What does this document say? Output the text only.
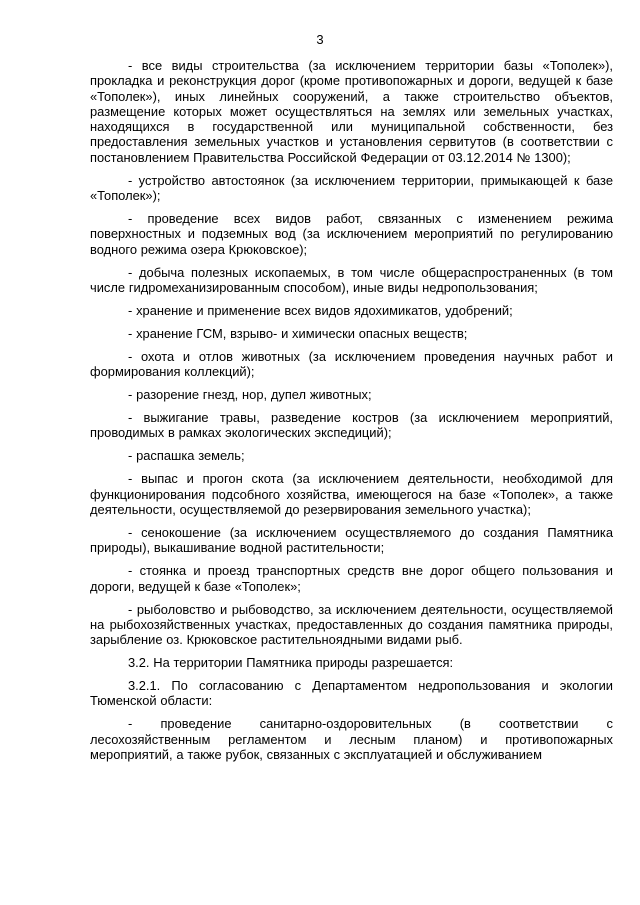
3

- все виды строительства (за исключением территории базы «Тополек»), прокладка и реконструкция дорог (кроме противопожарных и дороги, ведущей к базе «Тополек»), иных линейных сооружений, а также строительство объектов, размещение которых может осуществляться на землях или земельных участках, находящихся в государственной или муниципальной собственности, без предоставления земельных участков и установления сервитутов (в соответствии с постановлением Правительства Российской Федерации от 03.12.2014 № 1300);

- устройство автостоянок (за исключением территории, примыкающей к базе «Тополек»);

- проведение всех видов работ, связанных с изменением режима поверхностных и подземных вод (за исключением мероприятий по регулированию водного режима озера Крюковское);

- добыча полезных ископаемых, в том числе общераспространенных (в том числе гидромеханизированным способом), иные виды недропользования;

- хранение и применение всех видов ядохимикатов, удобрений;

- хранение ГСМ, взрыво- и химически опасных веществ;

- охота и отлов животных (за исключением проведения научных работ и формирования коллекций);

- разорение гнезд, нор, дупел животных;

- выжигание травы, разведение костров (за исключением мероприятий, проводимых в рамках экологических экспедиций);

- распашка земель;

- выпас и прогон скота (за исключением деятельности, необходимой для функционирования подсобного хозяйства, имеющегося на базе «Тополек», а также деятельности, осуществляемой до резервирования земельного участка);

- сенокошение (за исключением осуществляемого до создания Памятника природы), выкашивание водной растительности;

- стоянка и проезд транспортных средств вне дорог общего пользования и дороги, ведущей к базе «Тополек»;

- рыболовство и рыбоводство, за исключением деятельности, осуществляемой на рыбохозяйственных участках, предоставленных до создания памятника природы, зарыбление оз. Крюковское растительноядными видами рыб.

3.2. На территории Памятника природы разрешается:

3.2.1. По согласованию с Департаментом недропользования и экологии Тюменской области:

- проведение санитарно-оздоровительных (в соответствии с лесохозяйственным регламентом и лесным планом) и противопожарных мероприятий, а также рубок, связанных с эксплуатацией и обслуживанием
